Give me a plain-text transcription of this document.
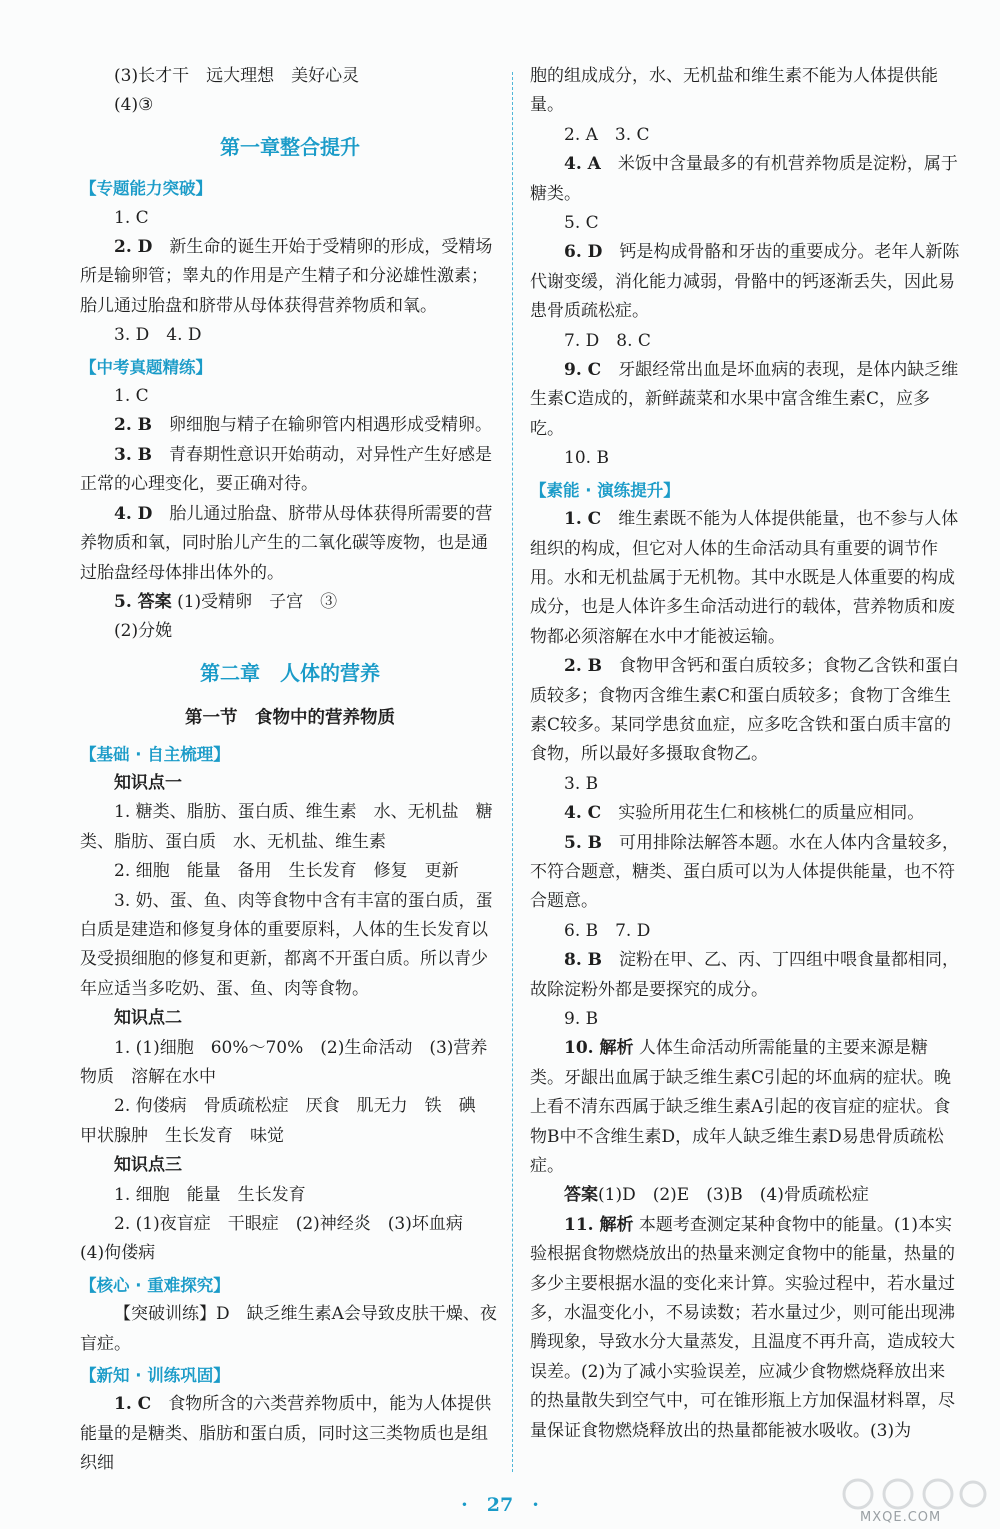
(3)长才干　远大理想　美好心灵

(4)③

第一章整合提升

【专题能力突破】

1. C

2. D　新生命的诞生开始于受精卵的形成，受精场所是输卵管；睾丸的作用是产生精子和分泌雄性激素；胎儿通过胎盘和脐带从母体获得营养物质和氧。

3. D　4. D

【中考真题精练】

1. C

2. B　卵细胞与精子在输卵管内相遇形成受精卵。

3. B　青春期性意识开始萌动，对异性产生好感是正常的心理变化，要正确对待。

4. D　胎儿通过胎盘、脐带从母体获得所需要的营养物质和氧，同时胎儿产生的二氧化碳等废物，也是通过胎盘经母体排出体外的。

5. 答案 (1)受精卵　子宫　③

(2)分娩

第二章　人体的营养
第一节　食物中的营养物质

【基础 · 自主梳理】

知识点一

1. 糖类、脂肪、蛋白质、维生素　水、无机盐　糖类、脂肪、蛋白质　水、无机盐、维生素

2. 细胞　能量　备用　生长发育　修复　更新

3. 奶、蛋、鱼、肉等食物中含有丰富的蛋白质，蛋白质是建造和修复身体的重要原料，人体的生长发育以及受损细胞的修复和更新，都离不开蛋白质。所以青少年应适当多吃奶、蛋、鱼、肉等食物。

知识点二

1. (1)细胞　60%～70%　(2)生命活动　(3)营养物质　溶解在水中

2. 佝偻病　骨质疏松症　厌食　肌无力　铁　碘　甲状腺肿　生长发育　味觉

知识点三

1. 细胞　能量　生长发育

2. (1)夜盲症　干眼症　(2)神经炎　(3)坏血病　(4)佝偻病

【核心 · 重难探究】

【突破训练】D　缺乏维生素A会导致皮肤干燥、夜盲症。

【新知 · 训练巩固】

1. C　食物所含的六类营养物质中，能为人体提供能量的是糖类、脂肪和蛋白质，同时这三类物质也是组织细

胞的组成成分，水、无机盐和维生素不能为人体提供能量。

2. A　3. C

4. A　米饭中含量最多的有机营养物质是淀粉，属于糖类。

5. C

6. D　钙是构成骨骼和牙齿的重要成分。老年人新陈代谢变缓，消化能力减弱，骨骼中的钙逐渐丢失，因此易患骨质疏松症。

7. D　8. C

9. C　牙龈经常出血是坏血病的表现，是体内缺乏维生素C造成的，新鲜蔬菜和水果中富含维生素C，应多吃。

10. B

【素能 · 演练提升】

1. C　维生素既不能为人体提供能量，也不参与人体组织的构成，但它对人体的生命活动具有重要的调节作用。水和无机盐属于无机物。其中水既是人体重要的构成成分，也是人体许多生命活动进行的载体，营养物质和废物都必须溶解在水中才能被运输。

2. B　食物甲含钙和蛋白质较多；食物乙含铁和蛋白质较多；食物丙含维生素C和蛋白质较多；食物丁含维生素C较多。某同学患贫血症，应多吃含铁和蛋白质丰富的食物，所以最好多摄取食物乙。

3. B

4. C　实验所用花生仁和核桃仁的质量应相同。

5. B　可用排除法解答本题。水在人体内含量较多，不符合题意，糖类、蛋白质可以为人体提供能量，也不符合题意。

6. B　7. D

8. B　淀粉在甲、乙、丙、丁四组中喂食量都相同，故除淀粉外都是要探究的成分。

9. B

10. 解析 人体生命活动所需能量的主要来源是糖类。牙龈出血属于缺乏维生素C引起的坏血病的症状。晚上看不清东西属于缺乏维生素A引起的夜盲症的症状。食物B中不含维生素D，成年人缺乏维生素D易患骨质疏松症。

答案(1)D　(2)E　(3)B　(4)骨质疏松症

11. 解析 本题考查测定某种食物中的能量。(1)本实验根据食物燃烧放出的热量来测定食物中的能量，热量的多少主要根据水温的变化来计算。实验过程中，若水量过多，水温变化小，不易读数；若水量过少，则可能出现沸腾现象，导致水分大量蒸发，且温度不再升高，造成较大误差。(2)为了减小实验误差，应减少食物燃烧释放出来的热量散失到空气中，可在锥形瓶上方加保温材料罩，尽量保证食物燃烧释放出的热量都能被水吸收。(3)为

·　27　·
MXQE.COM
